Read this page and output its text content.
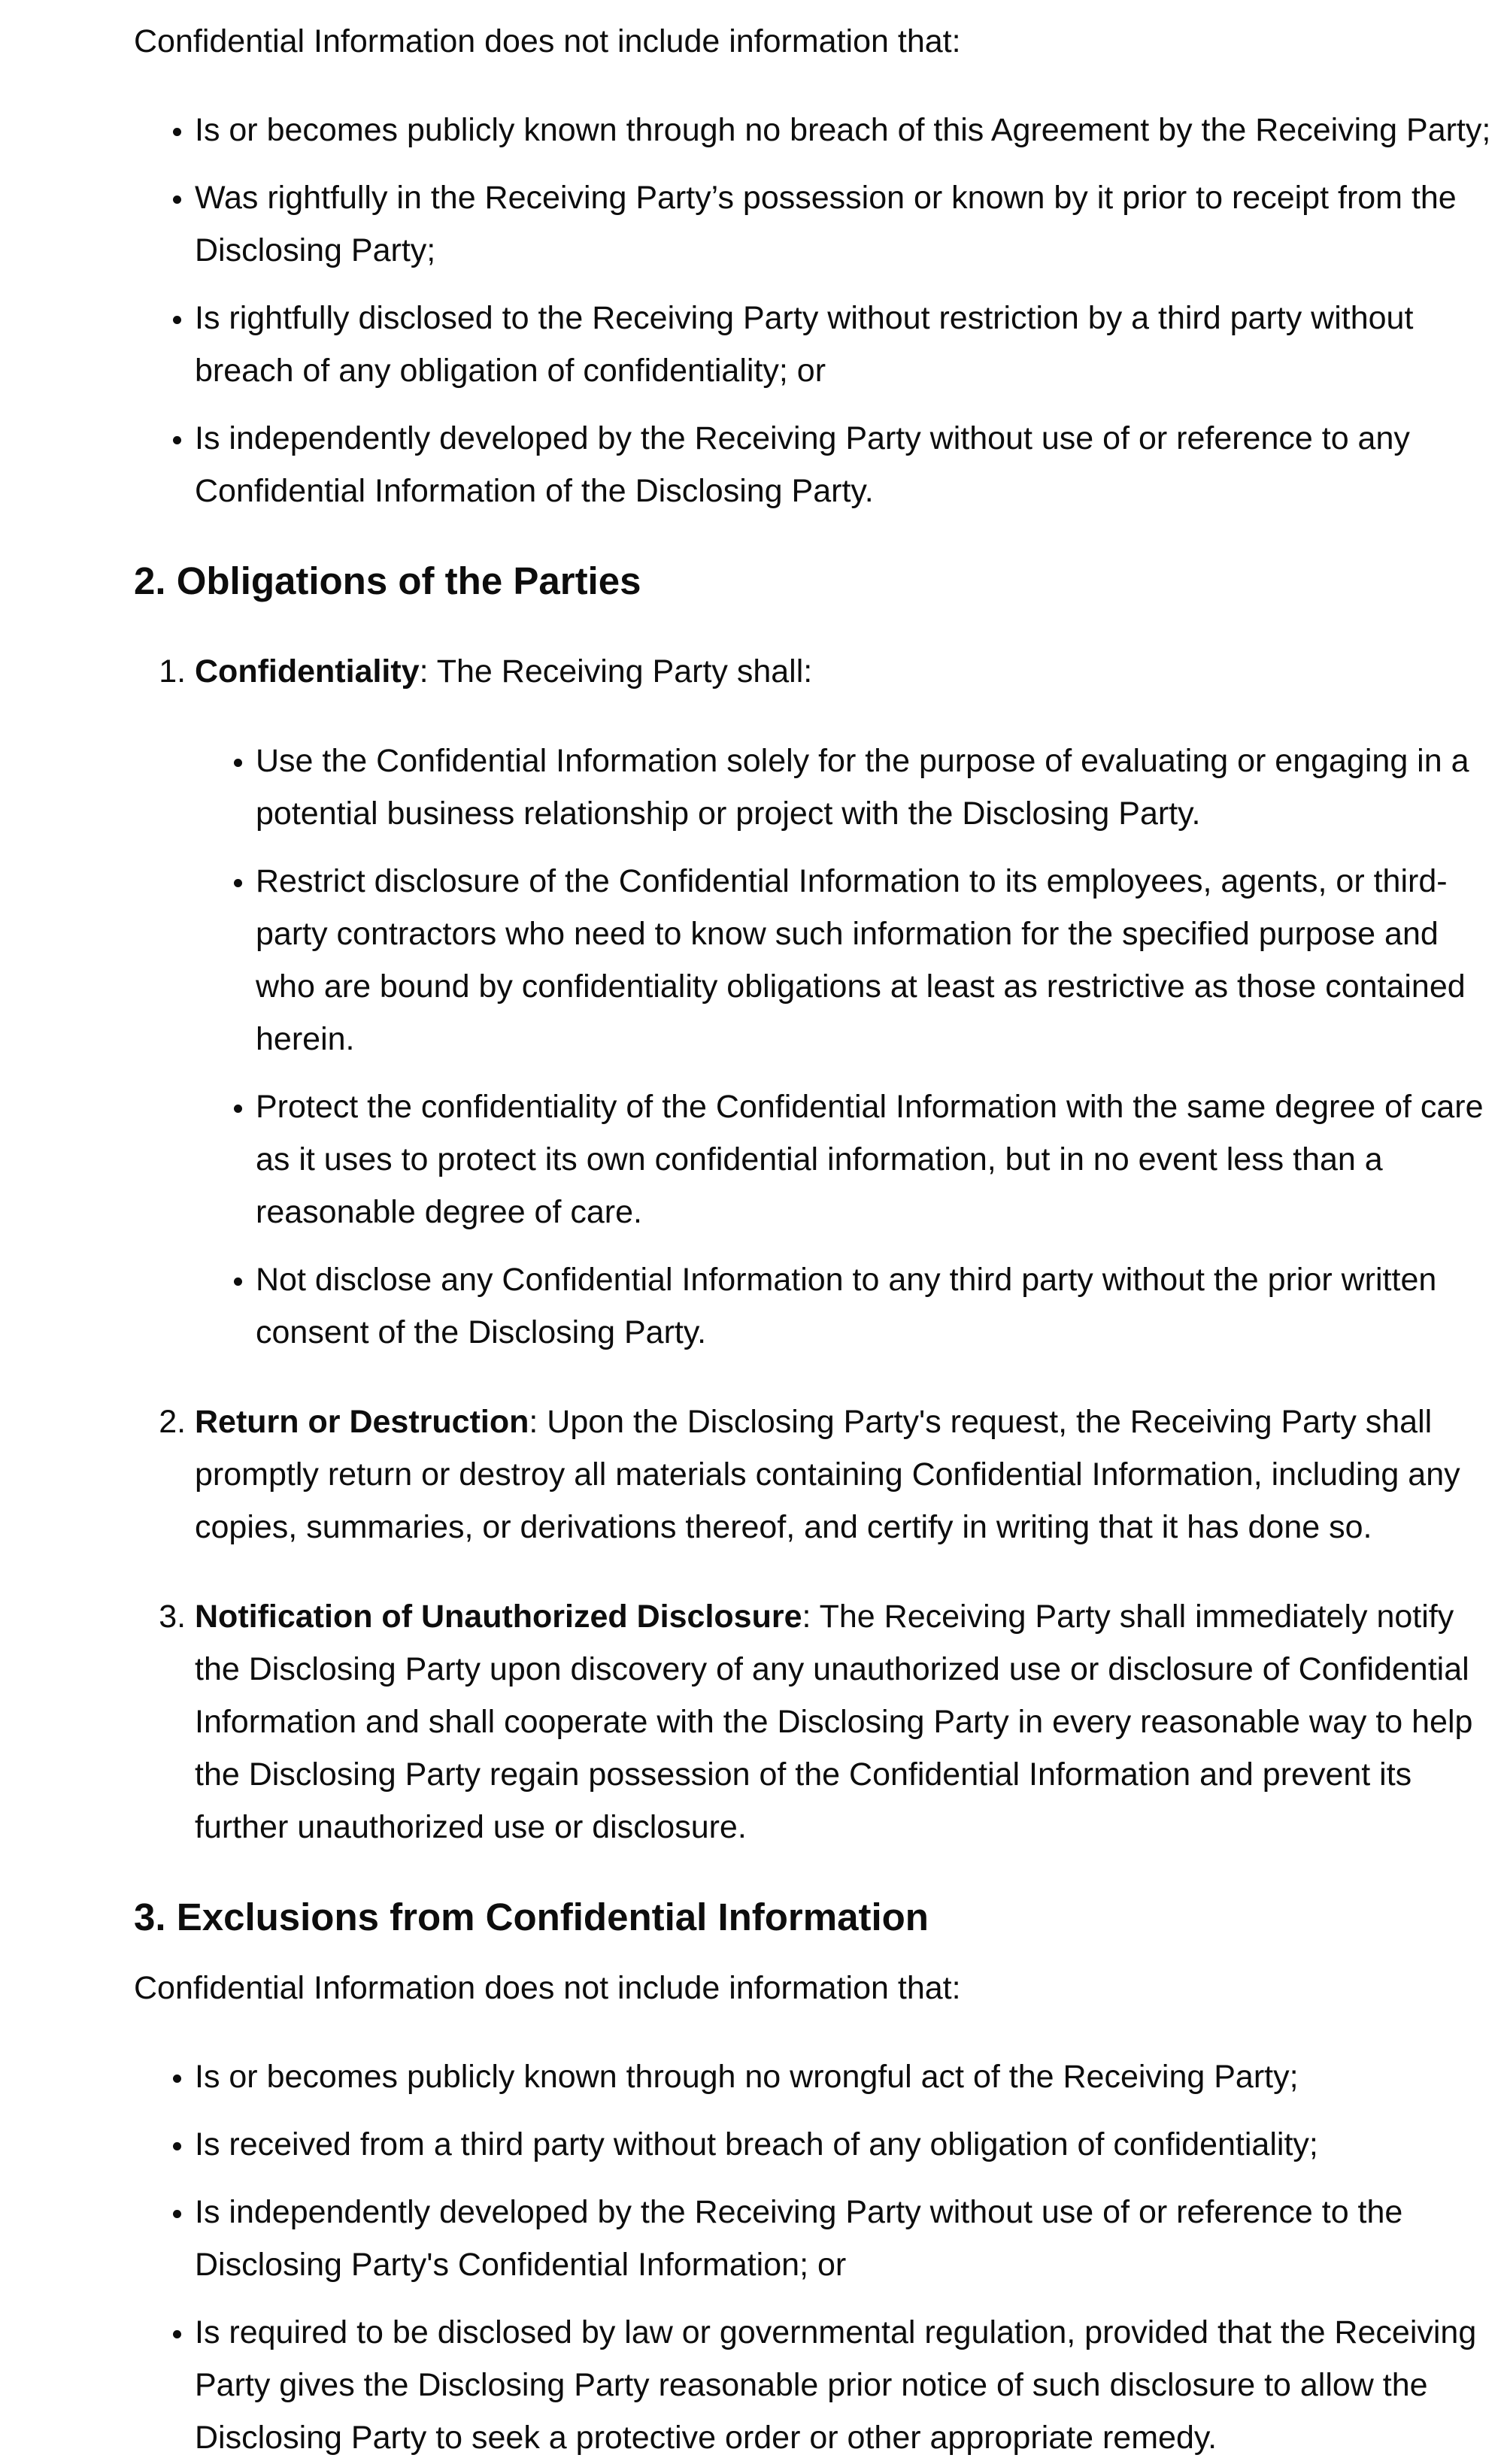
Confidential Information does not include information that:

• Is or becomes publicly known through no breach of this Agreement by the Receiving Party;
• Was rightfully in the Receiving Party’s possession or known by it prior to receipt from the Disclosing Party;
• Is rightfully disclosed to the Receiving Party without restriction by a third party without breach of any obligation of confidentiality; or
• Is independently developed by the Receiving Party without use of or reference to any Confidential Information of the Disclosing Party.
2. Obligations of the Parties
1. Confidentiality: The Receiving Party shall:
• Use the Confidential Information solely for the purpose of evaluating or engaging in a potential business relationship or project with the Disclosing Party.
• Restrict disclosure of the Confidential Information to its employees, agents, or third-party contractors who need to know such information for the specified purpose and who are bound by confidentiality obligations at least as restrictive as those contained herein.
• Protect the confidentiality of the Confidential Information with the same degree of care as it uses to protect its own confidential information, but in no event less than a reasonable degree of care.
• Not disclose any Confidential Information to any third party without the prior written consent of the Disclosing Party.
2. Return or Destruction: Upon the Disclosing Party's request, the Receiving Party shall promptly return or destroy all materials containing Confidential Information, including any copies, summaries, or derivations thereof, and certify in writing that it has done so.
3. Notification of Unauthorized Disclosure: The Receiving Party shall immediately notify the Disclosing Party upon discovery of any unauthorized use or disclosure of Confidential Information and shall cooperate with the Disclosing Party in every reasonable way to help the Disclosing Party regain possession of the Confidential Information and prevent its further unauthorized use or disclosure.
3. Exclusions from Confidential Information

Confidential Information does not include information that:

• Is or becomes publicly known through no wrongful act of the Receiving Party;
• Is received from a third party without breach of any obligation of confidentiality;
• Is independently developed by the Receiving Party without use of or reference to the Disclosing Party's Confidential Information; or
• Is required to be disclosed by law or governmental regulation, provided that the Receiving Party gives the Disclosing Party reasonable prior notice of such disclosure to allow the Disclosing Party to seek a protective order or other appropriate remedy.
